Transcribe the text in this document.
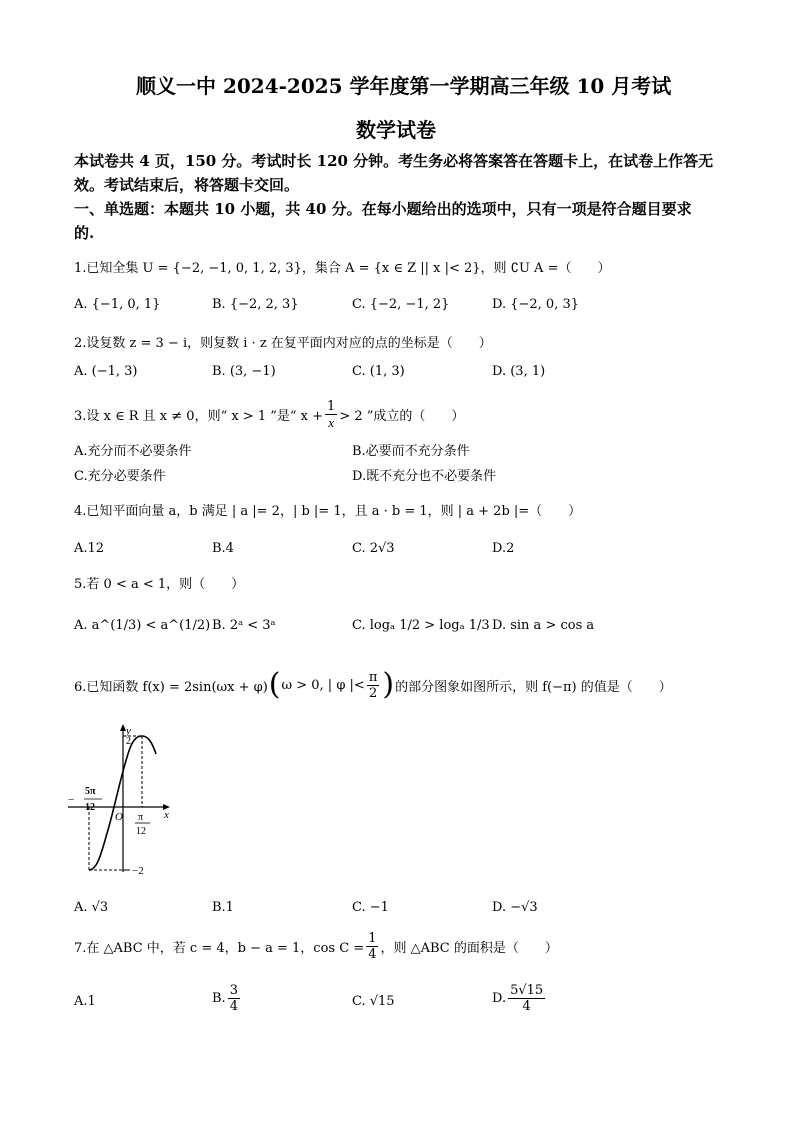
顺义一中 2024-2025 学年度第一学期高三年级 10 月考试
数学试卷
本试卷共 4 页，150 分。考试时长 120 分钟。考生务必将答案答在答题卡上，在试卷上作答无
效。考试结束后，将答题卡交回。
一、单选题：本题共 10 小题，共 40 分。在每小题给出的选项中，只有一项是符合题目要求
的.
1.已知全集 U = {−2, −1, 0, 1, 2, 3}，集合 A = {x ∈ Z || x |< 2}，则 ∁U A =（　　）
A. {−1, 0, 1}	B. {−2, 2, 3}	C. {−2, −1, 2}	D. {−2, 0, 3}
2.设复数 z = 3 − i，则复数 i · z 在复平面内对应的点的坐标是（　　）
A. (−1, 3)	B. (3, −1)	C. (1, 3)	D. (3, 1)
3.设 x ∈ R 且 x ≠ 0，则“ x > 1 ”是“ $x + \frac{1}{x} > 2$ ”成立的（　　）
A.充分而不必要条件	B.必要而不充分条件
C.充分必要条件	D.既不充分也不必要条件
4.已知平面向量 a，b 满足 | a |= 2，| b |= 1，且 a · b = 1，则 | a + 2b |=（　　）
A.12	B.4	C. 2√3	D.2
5.若 0 < a < 1，则（　　）
A. a^(1/3) < a^(1/2) B. 2ᵃ < 3ᵃ	C. logₐ 1/2 > logₐ 1/3 D. sin a > cos a
6.已知函数 f(x) = 2sin(ωx + φ) ( ω > 0, | φ |< $\frac{\pi}{2}$ ) 的部分图象如图所示，则 f(−π) 的值是（　　）
y
2
x
O
−2
−
5π
12
π
12
A. √3	B.1	C. −1	D. −√3
7.在 △ABC 中，若 c = 4，b − a = 1，$\cos C = \frac{1}{4}$ ，则 △ABC 的面积是（　　）
A.1	B. $\frac{3}{4}$	C. √15	D. $\frac{5√15}{4}$
